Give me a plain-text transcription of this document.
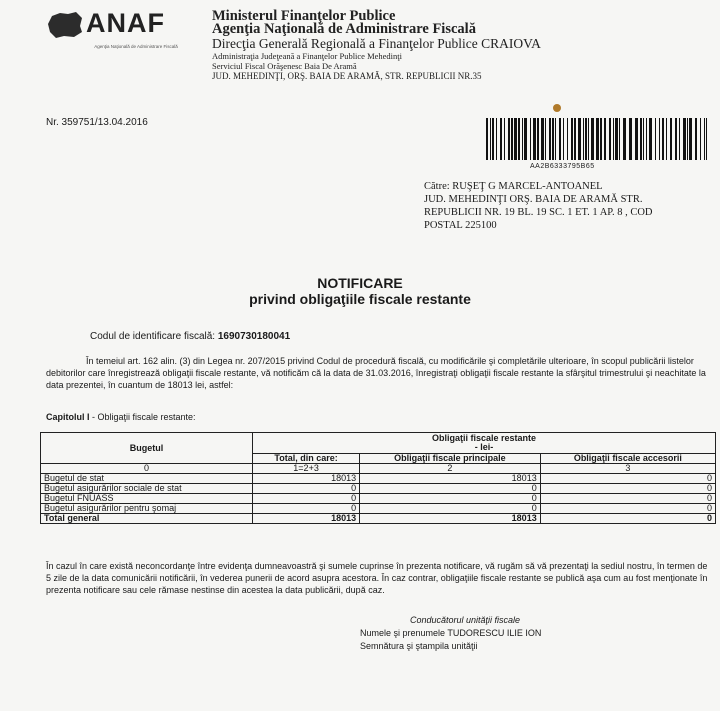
ANAF
Agenţia Naţională de Administrare Fiscală
Ministerul Finanţelor Publice
Agenţia Naţională de Administrare Fiscală
Direcţia Generală Regională a Finanţelor Publice CRAIOVA
Administraţia Judeţeană a Finanţelor Publice Mehedinţi
Serviciul Fiscal Orăşenesc Baia De Aramă
JUD. MEHEDINŢI, ORŞ. BAIA DE ARAMĂ, STR. REPUBLICII NR.35
Nr. 359751/13.04.2016
AA2B6333795B65
Către: RUŞEŢ G MARCEL-ANTOANEL
JUD. MEHEDINŢI ORŞ. BAIA DE ARAMĂ STR.
REPUBLICII NR. 19 BL. 19 SC. 1 ET. 1 AP. 8 , COD
POSTAL 225100
NOTIFICARE
privind obligaţiile fiscale restante
Codul de identificare fiscală: 1690730180041
În temeiul art. 162 alin. (3) din Legea nr. 207/2015 privind Codul de procedură fiscală, cu modificările şi completările ulterioare, în scopul publicării listelor debitorilor care înregistrează obligaţii fiscale restante, vă notificăm că la data de 31.03.2016, înregistraţi obligaţii fiscale restante la sfârşitul trimestrului şi neachitate la data prezentei, în cuantum de 18013 lei, astfel:
Capitolul I - Obligaţii fiscale restante:
Bugetul	Obligaţii fiscale restante
- lei-		

	Total, din care:	Obligaţii fiscale principale	Obligaţii fiscale accesorii
0	1=2+3	2	3
Bugetul de stat	18013	18013	0
Bugetul asigurărilor sociale de stat	0	0	0
Bugetul FNUASS	0	0	0
Bugetul asigurărilor pentru şomaj	0	0	0
Total general	18013	18013	0
În cazul în care există neconcordanţe între evidenţa dumneavoastră şi sumele cuprinse în prezenta notificare, vă rugăm să vă prezentaţi la sediul nostru, în termen de 5 zile de la data comunicării notificării, în vederea punerii de acord asupra acestora. În caz contrar, obligaţiile fiscale restante se publică aşa cum au fost menţionate în prezenta notificare sau cele rămase nestinse din acestea la data publicării, după caz.
Conducătorul unităţii fiscale
Numele şi prenumele TUDORESCU ILIE ION
Semnătura şi ştampila unităţii
